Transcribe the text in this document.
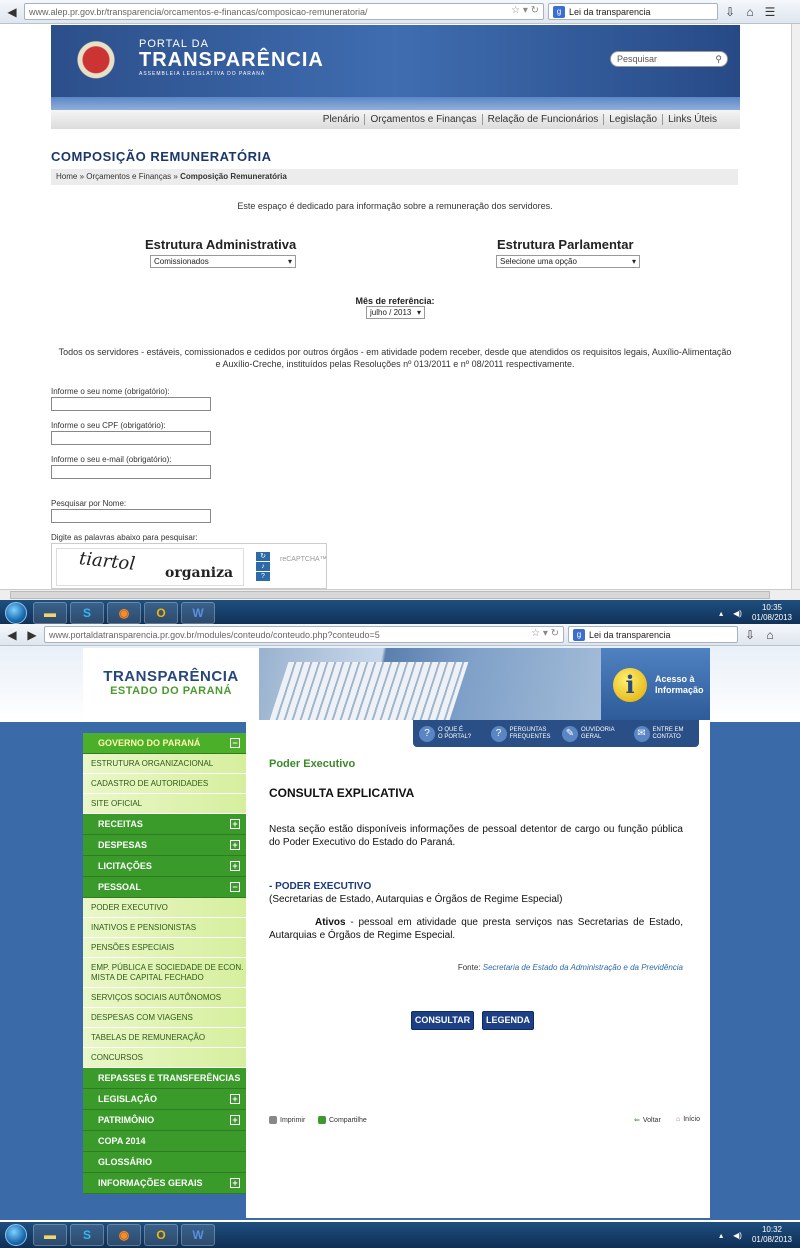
◀	www.alep.pr.gov.br/transparencia/orcamentos-e-financas/composicao-remuneratoria/	☆ ▾ ↻	g Lei da transparencia	⇩ ⌂ ☰
PORTAL DA
TRANSPARÊNCIA
ASSEMBLEIA LEGISLATIVA DO PARANÁ
Pesquisar	⚲
Plenário	Orçamentos e Finanças	Relação de Funcionários	Legislação	Links Úteis
COMPOSIÇÃO REMUNERATÓRIA
Home » Orçamentos e Finanças » Composição Remuneratória
Este espaço é dedicado para informação sobre a remuneração dos servidores.
Estrutura Administrativa
Comissionados ▾
Estrutura Parlamentar
Selecione uma opção ▾
Mês de referência:
julho / 2013 ▾
Todos os servidores - estáveis, comissionados e cedidos por outros órgãos - em atividade podem receber, desde que atendidos os requisitos legais, Auxílio-Alimentação e Auxílio-Creche, instituídos pelas Resoluções nº 013/2011 e nº 08/2011 respectivamente.
Informe o seu nome (obrigatório):
Informe o seu CPF (obrigatório):
Informe o seu e-mail (obrigatório):
Pesquisar por Nome:
Digite as palavras abaixo para pesquisar:
tiartol organiza
↻
♪
?
reCAPTCHA™
▬	S	◉	O	W	▴ ◀)
10:35
01/08/2013
◀ ▶	www.portaldatransparencia.pr.gov.br/modules/conteudo/conteudo.php?conteudo=5	☆ ▾ ↻	g Lei da transparencia	⇩ ⌂
TRANSPARÊNCIA
ESTADO DO PARANÁ	i	Acesso à
Informação
?	O QUE É
O PORTAL?	?	PERGUNTAS
FREQUENTES	✎	OUVIDORIA
GERAL	✉	ENTRE EM
CONTATO
GOVERNO DO PARANÁ	−
ESTRUTURA ORGANIZACIONAL
CADASTRO DE AUTORIDADES
SITE OFICIAL
RECEITAS	+
DESPESAS	+
LICITAÇÕES	+
PESSOAL	−
PODER EXECUTIVO
INATIVOS E PENSIONISTAS
PENSÕES ESPECIAIS
EMP. PÚBLICA E SOCIEDADE DE ECON.
MISTA DE CAPITAL FECHADO
SERVIÇOS SOCIAIS AUTÔNOMOS
DESPESAS COM VIAGENS
TABELAS DE REMUNERAÇÃO
CONCURSOS
REPASSES E TRANSFERÊNCIAS
LEGISLAÇÃO	+
PATRIMÔNIO	+
COPA 2014
GLOSSÁRIO
INFORMAÇÕES GERAIS	+
Poder Executivo
CONSULTA EXPLICATIVA
Nesta seção estão disponíveis informações de pessoal detentor de cargo ou função pública do Poder Executivo do Estado do Paraná.
- PODER EXECUTIVO
(Secretarias de Estado, Autarquias e Órgãos de Regime Especial)
Ativos - pessoal em atividade que presta serviços nas Secretarias de Estado, Autarquias e Órgãos de Regime Especial.
Fonte: Secretaria de Estado da Administração e da Previdência
CONSULTAR	LEGENDA
Imprimir	Compartilhe	⇐ Voltar ⌂ Início
▬	S	◉	O	W	▴ ◀)
10:32
01/08/2013
